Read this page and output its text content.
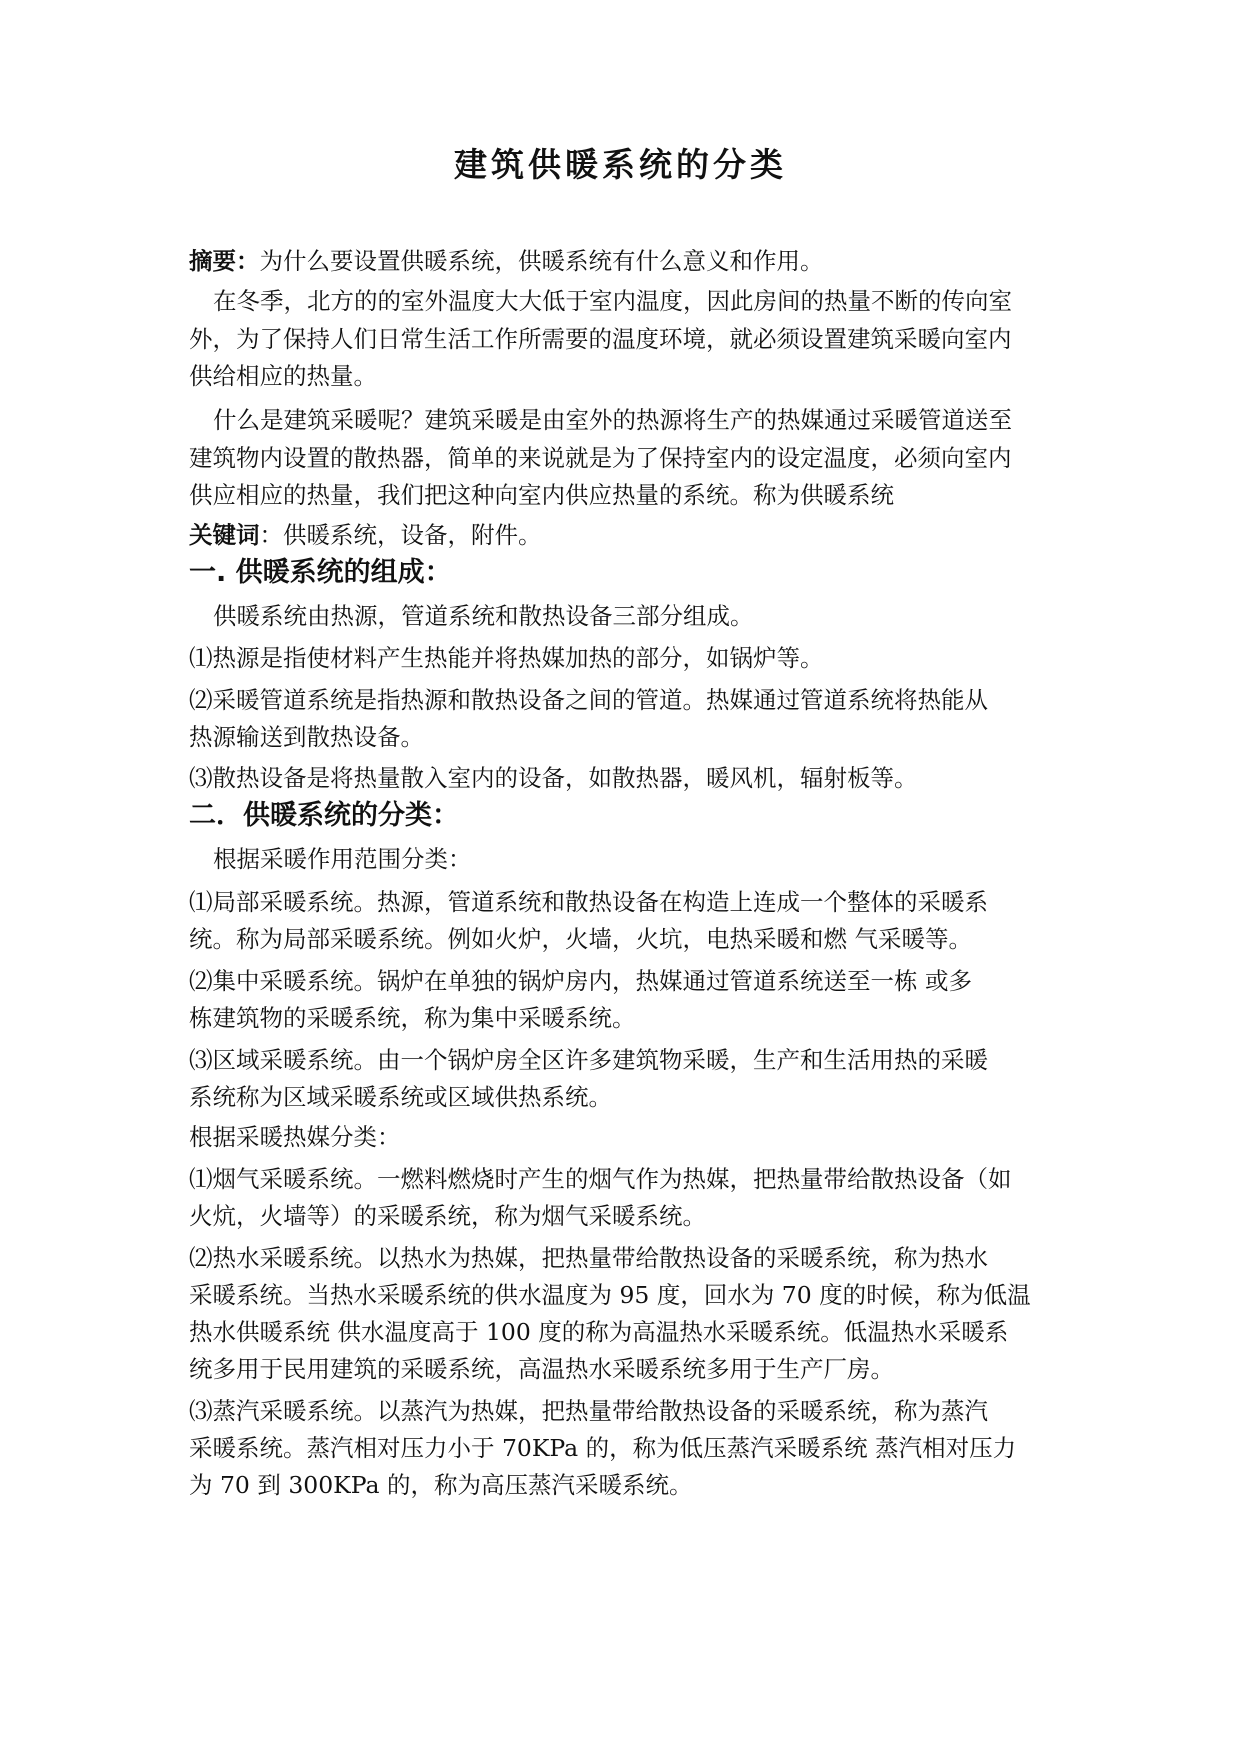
建筑供暖系统的分类

摘要：为什么要设置供暖系统，供暖系统有什么意义和作用。

在冬季，北方的的室外温度大大低于室内温度，因此房间的热量不断的传向室

外，为了保持人们日常生活工作所需要的温度环境，就必须设置建筑采暖向室内

供给相应的热量。

什么是建筑采暖呢？建筑采暖是由室外的热源将生产的热媒通过采暖管道送至

建筑物内设置的散热器，简单的来说就是为了保持室内的设定温度，必须向室内

供应相应的热量，我们把这种向室内供应热量的系统。称为供暖系统

关键词：供暖系统，设备，附件。

一. 供暖系统的组成：

供暖系统由热源，管道系统和散热设备三部分组成。

⑴热源是指使材料产生热能并将热媒加热的部分，如锅炉等。

⑵采暖管道系统是指热源和散热设备之间的管道。热媒通过管道系统将热能从

热源输送到散热设备。

⑶散热设备是将热量散入室内的设备，如散热器，暖风机，辐射板等。

二．供暖系统的分类：

根据采暖作用范围分类：

⑴局部采暖系统。热源，管道系统和散热设备在构造上连成一个整体的采暖系

统。称为局部采暖系统。例如火炉，火墙，火坑，电热采暖和燃 气采暖等。

⑵集中采暖系统。锅炉在单独的锅炉房内，热媒通过管道系统送至一栋 或多

栋建筑物的采暖系统，称为集中采暖系统。

⑶区域采暖系统。由一个锅炉房全区许多建筑物采暖，生产和生活用热的采暖

系统称为区域采暖系统或区域供热系统。

根据采暖热媒分类：

⑴烟气采暖系统。一燃料燃烧时产生的烟气作为热媒，把热量带给散热设备（如

火炕，火墙等）的采暖系统，称为烟气采暖系统。

⑵热水采暖系统。以热水为热媒，把热量带给散热设备的采暖系统，称为热水

采暖系统。当热水采暖系统的供水温度为 95 度，回水为 70 度的时候，称为低温

热水供暖系统 供水温度高于 100 度的称为高温热水采暖系统。低温热水采暖系

统多用于民用建筑的采暖系统，高温热水采暖系统多用于生产厂房。

⑶蒸汽采暖系统。以蒸汽为热媒，把热量带给散热设备的采暖系统，称为蒸汽

采暖系统。蒸汽相对压力小于 70KPa 的，称为低压蒸汽采暖系统 蒸汽相对压力

为 70 到 300KPa 的，称为高压蒸汽采暖系统。
